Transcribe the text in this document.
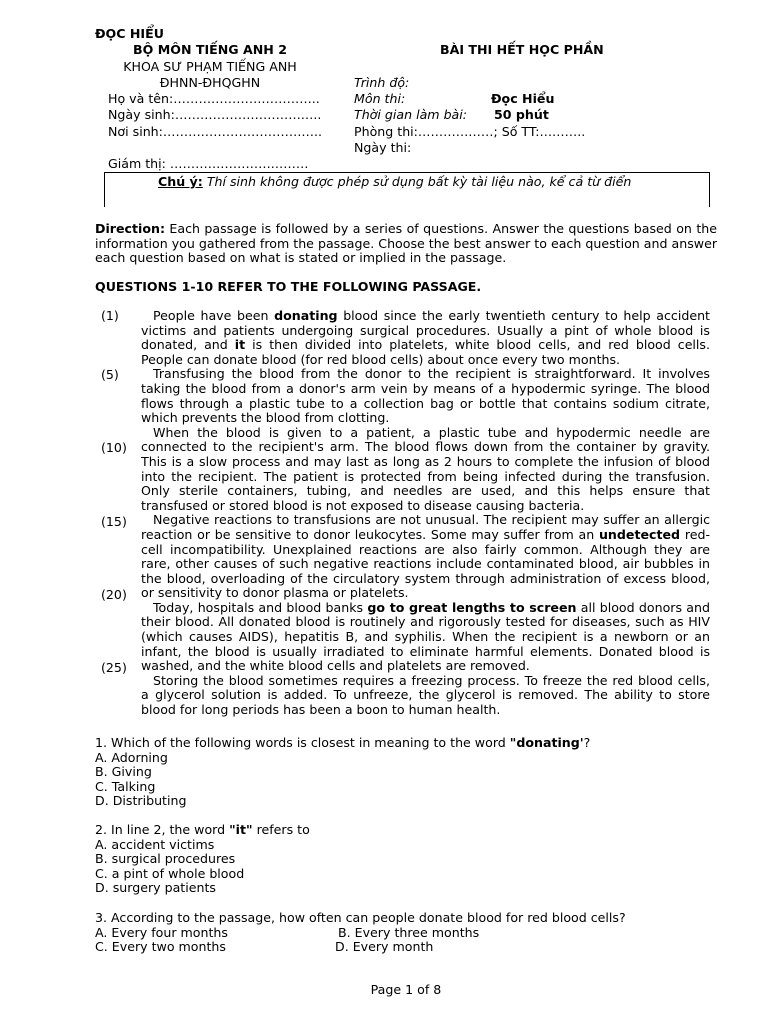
ĐỌC HIỂU
BỘ MÔN TIẾNG ANH 2
KHOA SƯ PHẠM TIẾNG ANH
ĐHNN-ĐHQGHN
BÀI THI HẾT HỌC PHẦN
Trình độ:
Môn thi:	Đọc Hiểu
Thời gian làm bài: 50 phút
Phòng thi:………………; Số TT:………..
Ngày thi:
Họ và tên:……………………………..
Ngày sinh:……………………………..
Nơi sinh:………………………………..
Giám thị: ……………………………
Chú ý: Thí sinh không được phép sử dụng bất kỳ tài liệu nào, kể cả từ điển
Direction: Each passage is followed by a series of questions. Answer the questions based on the information you gathered from the passage. Choose the best answer to each question and answer each question based on what is stated or implied in the passage.
QUESTIONS 1-10 REFER TO THE FOLLOWING PASSAGE.
(1)
(5)
(10)
(15)
(20)
(25)

People have been donating blood since the early twentieth century to help accident victims and patients undergoing surgical procedures. Usually a pint of whole blood is donated, and it is then divided into platelets, white blood cells, and red blood cells. People can donate blood (for red blood cells) about once every two months.

Transfusing the blood from the donor to the recipient is straightforward. It involves taking the blood from a donor's arm vein by means of a hypodermic syringe. The blood flows through a plastic tube to a collection bag or bottle that contains sodium citrate, which prevents the blood from clotting.

When the blood is given to a patient, a plastic tube and hypodermic needle are connected to the recipient's arm. The blood flows down from the container by gravity. This is a slow process and may last as long as 2 hours to complete the infusion of blood into the recipient. The patient is protected from being infected during the transfusion. Only sterile containers, tubing, and needles are used, and this helps ensure that transfused or stored blood is not exposed to disease causing bacteria.

Negative reactions to transfusions are not unusual. The recipient may suffer an allergic reaction or be sensitive to donor leukocytes. Some may suffer from an undetected red-cell incompatibility. Unexplained reactions are also fairly common. Although they are rare, other causes of such negative reactions include contaminated blood, air bubbles in the blood, overloading of the circulatory system through administration of excess blood, or sensitivity to donor plasma or platelets.

Today, hospitals and blood banks go to great lengths to screen all blood donors and their blood. All donated blood is routinely and rigorously tested for diseases, such as HIV (which causes AIDS), hepatitis B, and syphilis. When the recipient is a newborn or an infant, the blood is usually irradiated to eliminate harmful elements. Donated blood is washed, and the white blood cells and platelets are removed.

Storing the blood sometimes requires a freezing process. To freeze the red blood cells, a glycerol solution is added. To unfreeze, the glycerol is removed. The ability to store blood for long periods has been a boon to human health.

1. Which of the following words is closest in meaning to the word "donating'?
A. Adorning
B. Giving
C. Talking
D. Distributing
2. In line 2, the word "it" refers to
A. accident victims
B. surgical procedures
C. a pint of whole blood
D. surgery patients
3. According to the passage, how often can people donate blood for red blood cells?
A. Every four months	B. Every three months
C. Every two months	D. Every month
Page 1 of 8
